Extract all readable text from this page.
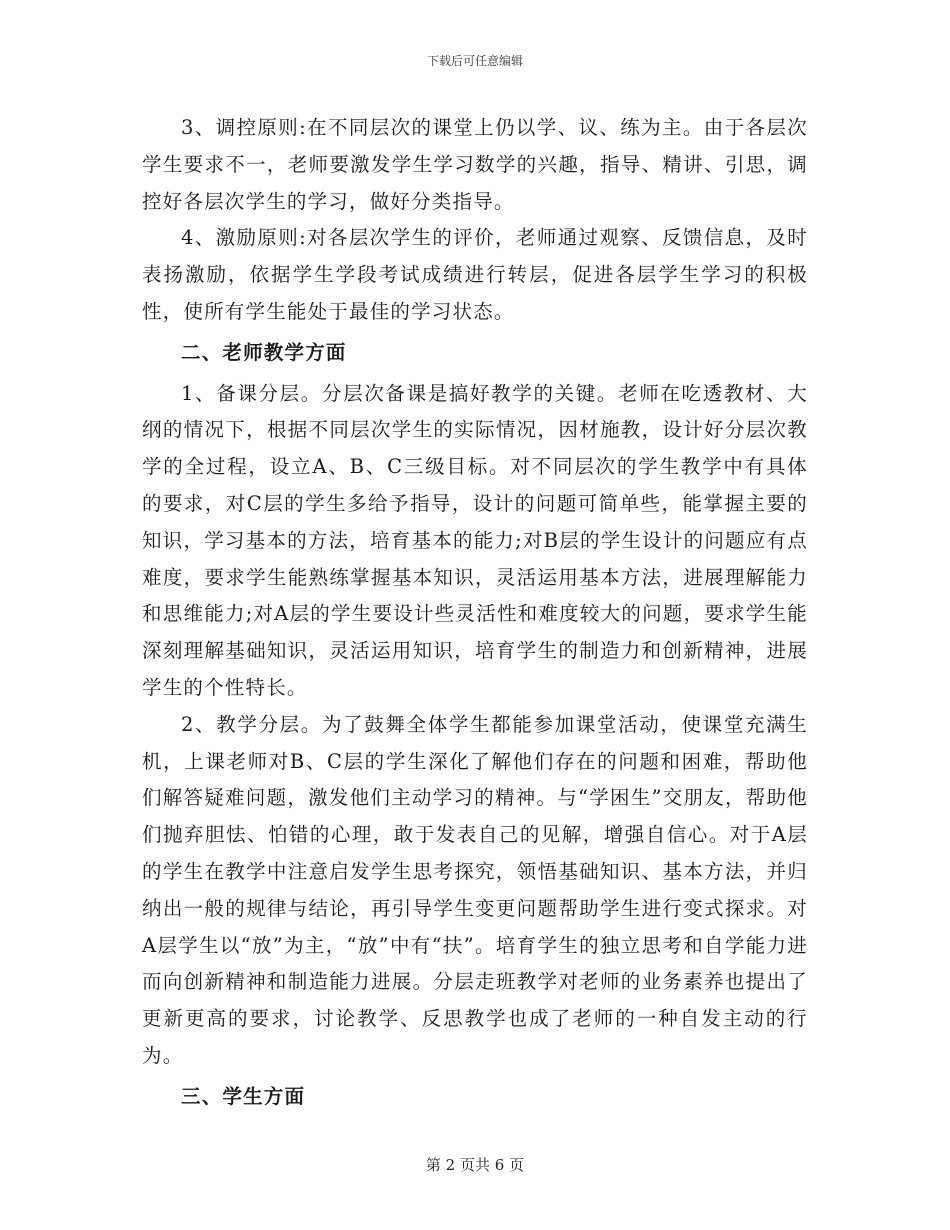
下载后可任意编辑

3、调控原则:在不同层次的课堂上仍以学、议、练为主。由于各层次学生要求不一，老师要激发学生学习数学的兴趣，指导、精讲、引思，调控好各层次学生的学习，做好分类指导。

4、激励原则:对各层次学生的评价，老师通过观察、反馈信息，及时表扬激励，依据学生学段考试成绩进行转层，促进各层学生学习的积极性，使所有学生能处于最佳的学习状态。

二、老师教学方面

1、备课分层。分层次备课是搞好教学的关键。老师在吃透教材、大纲的情况下，根据不同层次学生的实际情况，因材施教，设计好分层次教学的全过程，设立A、B、C三级目标。对不同层次的学生教学中有具体的要求，对C层的学生多给予指导，设计的问题可简单些，能掌握主要的知识，学习基本的方法，培育基本的能力;对B层的学生设计的问题应有点难度，要求学生能熟练掌握基本知识，灵活运用基本方法，进展理解能力和思维能力;对A层的学生要设计些灵活性和难度较大的问题，要求学生能深刻理解基础知识，灵活运用知识，培育学生的制造力和创新精神，进展学生的个性特长。

2、教学分层。为了鼓舞全体学生都能参加课堂活动，使课堂充满生机，上课老师对B、C层的学生深化了解他们存在的问题和困难，帮助他们解答疑难问题，激发他们主动学习的精神。与“学困生”交朋友，帮助他们抛弃胆怯、怕错的心理，敢于发表自己的见解，增强自信心。对于A层的学生在教学中注意启发学生思考探究，领悟基础知识、基本方法，并归纳出一般的规律与结论，再引导学生变更问题帮助学生进行变式探求。对A层学生以“放”为主，“放”中有“扶”。培育学生的独立思考和自学能力进而向创新精神和制造能力进展。分层走班教学对老师的业务素养也提出了更新更高的要求，讨论教学、反思教学也成了老师的一种自发主动的行为。

三、学生方面

第 2 页共 6 页
